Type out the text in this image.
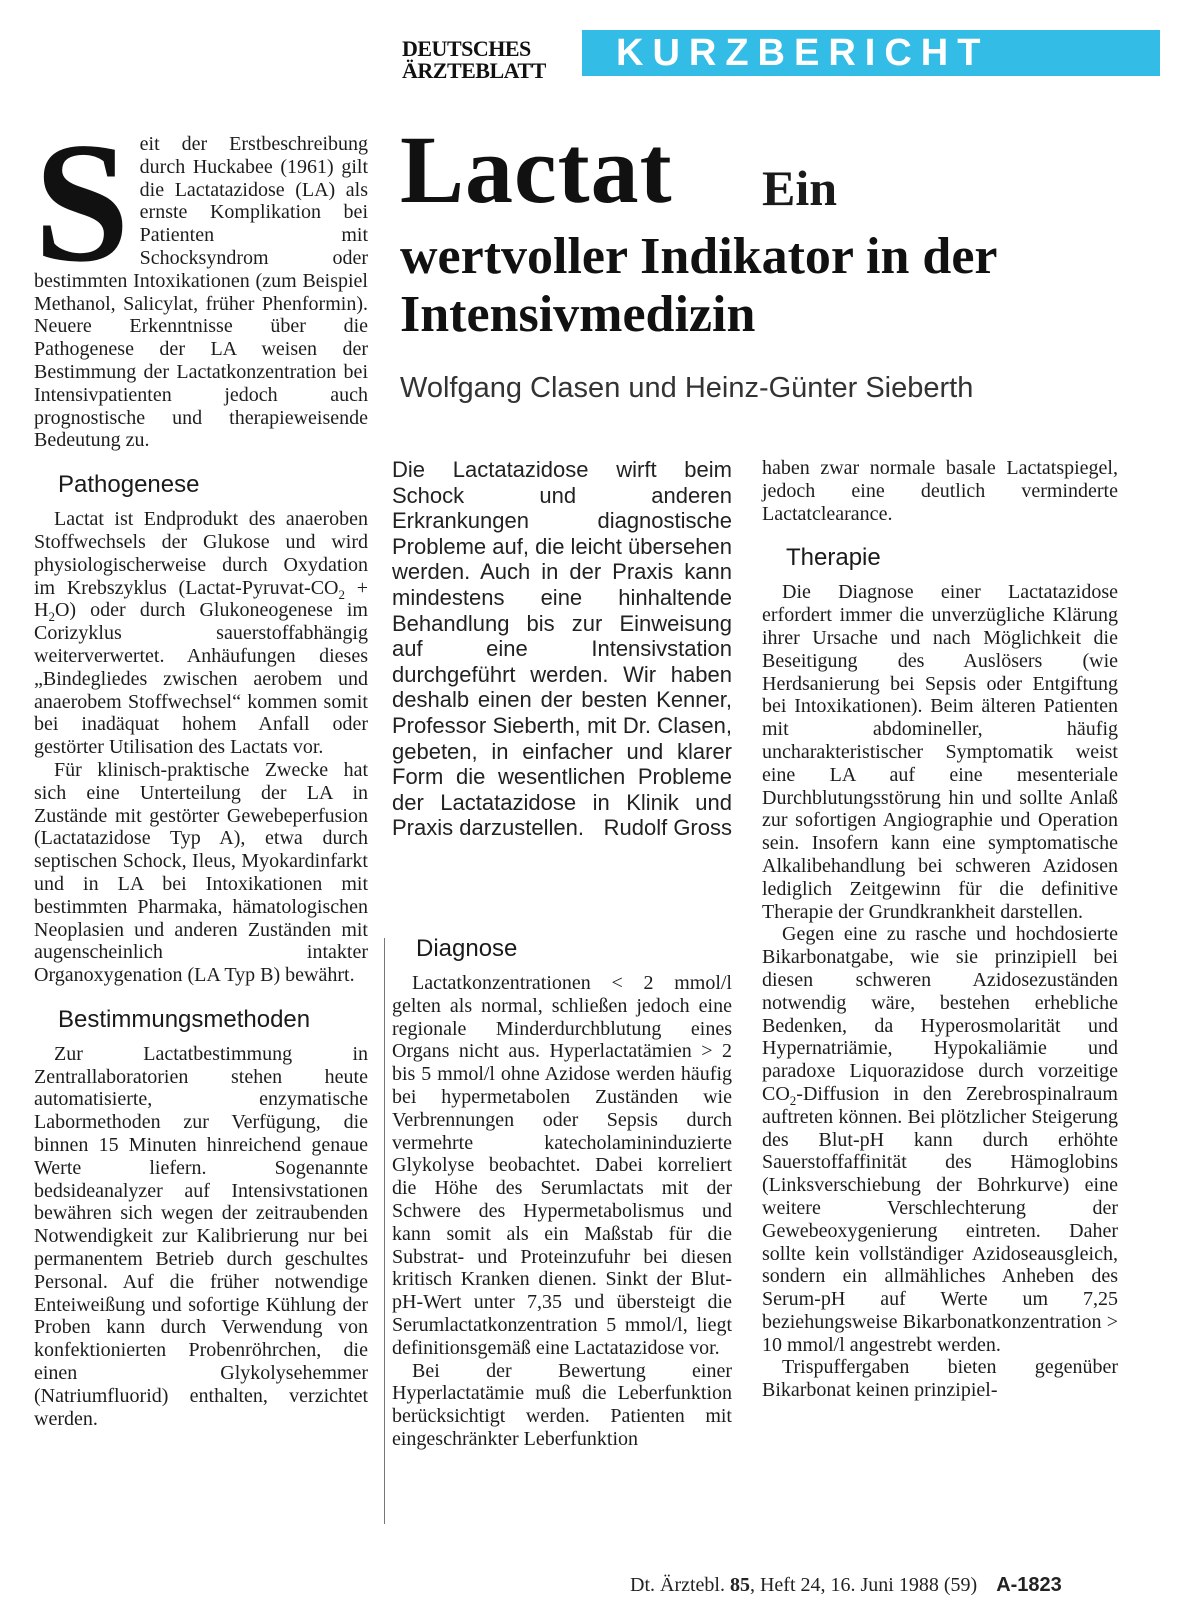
DEUTSCHES
ÄRZTEBLATT	KURZBERICHT
Lactat Ein
wertvoller Indikator in der Intensivmedizin
Wolfgang Clasen und Heinz-Günter Sieberth
S eit der Erstbeschreibung durch Huckabee (1961) gilt die Lactatazidose (LA) als ernste Komplikation bei Patienten mit Schocksyndrom oder bestimmten Intoxikationen (zum Beispiel Methanol, Salicylat, früher Phenformin). Neuere Erkenntnisse über die Pathogenese der LA weisen der Bestimmung der Lactatkonzentration bei Intensivpatienten jedoch auch prognostische und therapieweisende Bedeutung zu.

Pathogenese

Lactat ist Endprodukt des anaeroben Stoffwechsels der Glukose und wird physiologischerweise durch Oxydation im Krebszyklus $(Lactat-Pyruvat-CO_2 + H_2O)$ oder durch Glukoneogenese im Corizyklus sauerstoffabhängig weiterverwertet. Anhäufungen dieses „Bindegliedes zwischen aerobem und anaerobem Stoffwechsel“ kommen somit bei inadäquat hohem Anfall oder gestörter Utilisation des Lactats vor.

Für klinisch-praktische Zwecke hat sich eine Unterteilung der LA in Zustände mit gestörter Gewebeperfusion (Lactatazidose Typ A), etwa durch septischen Schock, Ileus, Myokardinfarkt und in LA bei Intoxikationen mit bestimmten Pharmaka, hämatologischen Neoplasien und anderen Zuständen mit augenscheinlich intakter Organoxygenation (LA Typ B) bewährt.

Bestimmungsmethoden

Zur Lactatbestimmung in Zentrallaboratorien stehen heute automatisierte, enzymatische Labormethoden zur Verfügung, die binnen 15 Minuten hinreichend genaue Werte liefern. Sogenannte bedsideanalyzer auf Intensivstationen bewähren sich wegen der zeitraubenden Notwendigkeit zur Kalibrierung nur bei permanentem Betrieb durch geschultes Personal. Auf die früher notwendige Enteiweißung und sofortige Kühlung der Proben kann durch Verwendung von konfektionierten Probenröhrchen, die einen Glykolysehemmer (Natriumfluorid) enthalten, verzichtet werden.

Die Lactatazidose wirft beim Schock und anderen Erkrankungen diagnostische Probleme auf, die leicht übersehen werden. Auch in der Praxis kann mindestens eine hinhaltende Behandlung bis zur Einweisung auf eine Intensivstation durchgeführt werden. Wir haben deshalb einen der besten Kenner, Professor Sieberth, mit Dr. Clasen, gebeten, in einfacher und klarer Form die wesentlichen Probleme der Lactatazidose in Klinik und Praxis darzustellen. Rudolf Gross
Diagnose

Lactatkonzentrationen < 2 mmol/l gelten als normal, schließen jedoch eine regionale Minderdurchblutung eines Organs nicht aus. Hyperlactatämien > 2 bis 5 mmol/l ohne Azidose werden häufig bei hypermetabolen Zuständen wie Verbrennungen oder Sepsis durch vermehrte katecholamininduzierte Glykolyse beobachtet. Dabei korreliert die Höhe des Serumlactats mit der Schwere des Hypermetabolismus und kann somit als ein Maßstab für die Substrat- und Proteinzufuhr bei diesen kritisch Kranken dienen. Sinkt der Blut-pH-Wert unter 7,35 und übersteigt die Serumlactatkonzentration 5 mmol/l, liegt definitionsgemäß eine Lactatazidose vor.

Bei der Bewertung einer Hyperlactatämie muß die Leberfunktion berücksichtigt werden. Patienten mit eingeschränkter Leberfunktion

haben zwar normale basale Lactatspiegel, jedoch eine deutlich verminderte Lactatclearance.

Therapie

Die Diagnose einer Lactatazidose erfordert immer die unverzügliche Klärung ihrer Ursache und nach Möglichkeit die Beseitigung des Auslösers (wie Herdsanierung bei Sepsis oder Entgiftung bei Intoxikationen). Beim älteren Patienten mit abdomineller, häufig uncharakteristischer Symptomatik weist eine LA auf eine mesenteriale Durchblutungsstörung hin und sollte Anlaß zur sofortigen Angiographie und Operation sein. Insofern kann eine symptomatische Alkalibehandlung bei schweren Azidosen lediglich Zeitgewinn für die definitive Therapie der Grundkrankheit darstellen.

Gegen eine zu rasche und hochdosierte Bikarbonatgabe, wie sie prinzipiell bei diesen schweren Azidosezuständen notwendig wäre, bestehen erhebliche Bedenken, da Hyperosmolarität und Hypernatriämie, Hypokaliämie und paradoxe Liquorazidose durch vorzeitige $CO_2$-Diffusion in den Zerebrospinalraum auftreten können. Bei plötzlicher Steigerung des Blut-pH kann durch erhöhte Sauerstoffaffinität des Hämoglobins (Linksverschiebung der Bohrkurve) eine weitere Verschlechterung der Gewebeoxygenierung eintreten. Daher sollte kein vollständiger Azidoseausgleich, sondern ein allmähliches Anheben des Serum-pH auf Werte um 7,25 beziehungsweise Bikarbonatkonzentration > 10 mmol/l angestrebt werden.

Trispuffergaben bieten gegenüber Bikarbonat keinen prinzipiel-

Dt. Ärztebl. 85, Heft 24, 16. Juni 1988 (59) A-1823
